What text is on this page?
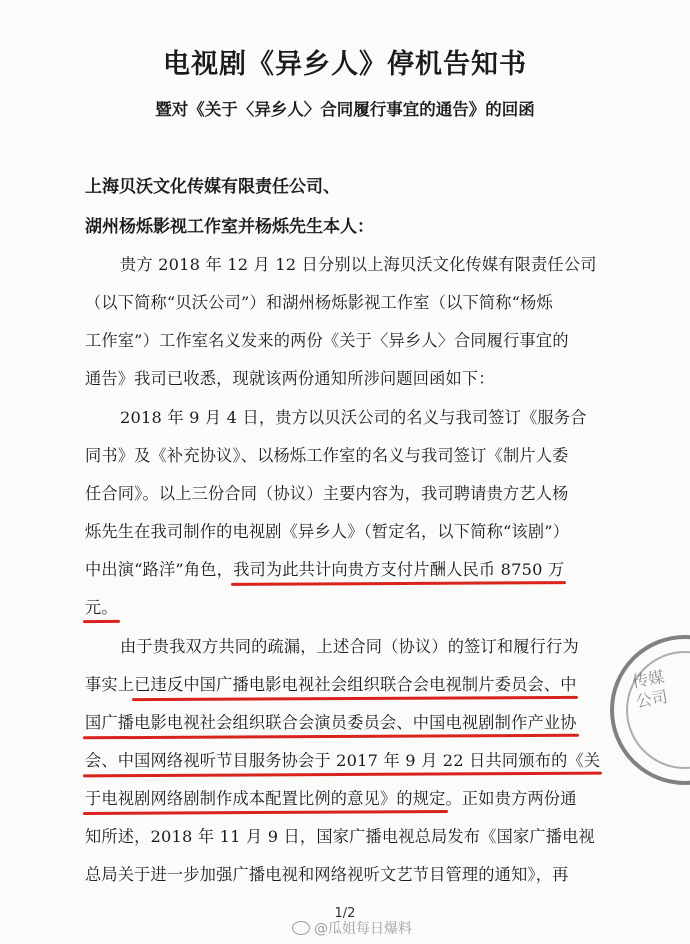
电视剧《异乡人》停机告知书
暨对《关于〈异乡人〉合同履行事宜的通告》的回函
上海贝沃文化传媒有限责任公司、
湖州杨烁影视工作室并杨烁先生本人：
贵方 2018 年 12 月 12 日分别以上海贝沃文化传媒有限责任公司
（以下简称“贝沃公司”）和湖州杨烁影视工作室（以下简称“杨烁
工作室”）工作室名义发来的两份《关于〈异乡人〉合同履行事宜的
通告》我司已收悉，现就该两份通知所涉问题回函如下：
2018 年 9 月 4 日，贵方以贝沃公司的名义与我司签订《服务合
同书》及《补充协议》、以杨烁工作室的名义与我司签订《制片人委
任合同》。以上三份合同（协议）主要内容为，我司聘请贵方艺人杨
烁先生在我司制作的电视剧《异乡人》（暂定名，以下简称“该剧”）
中出演“路洋”角色，我司为此共计向贵方支付片酬人民币 8750 万
元。
由于贵我双方共同的疏漏，上述合同（协议）的签订和履行行为
事实上已违反中国广播电影电视社会组织联合会电视制片委员会、中
国广播电影电视社会组织联合会演员委员会、中国电视剧制作产业协
会、中国网络视听节目服务协会于 2017 年 9 月 22 日共同颁布的《关
于电视剧网络剧制作成本配置比例的意见》的规定。正如贵方两份通
知所述，2018 年 11 月 9 日，国家广播电视总局发布《国家广播电视
总局关于进一步加强广播电视和网络视听文艺节目管理的通知》，再
传媒公司
1/2
@瓜姐每日爆料
